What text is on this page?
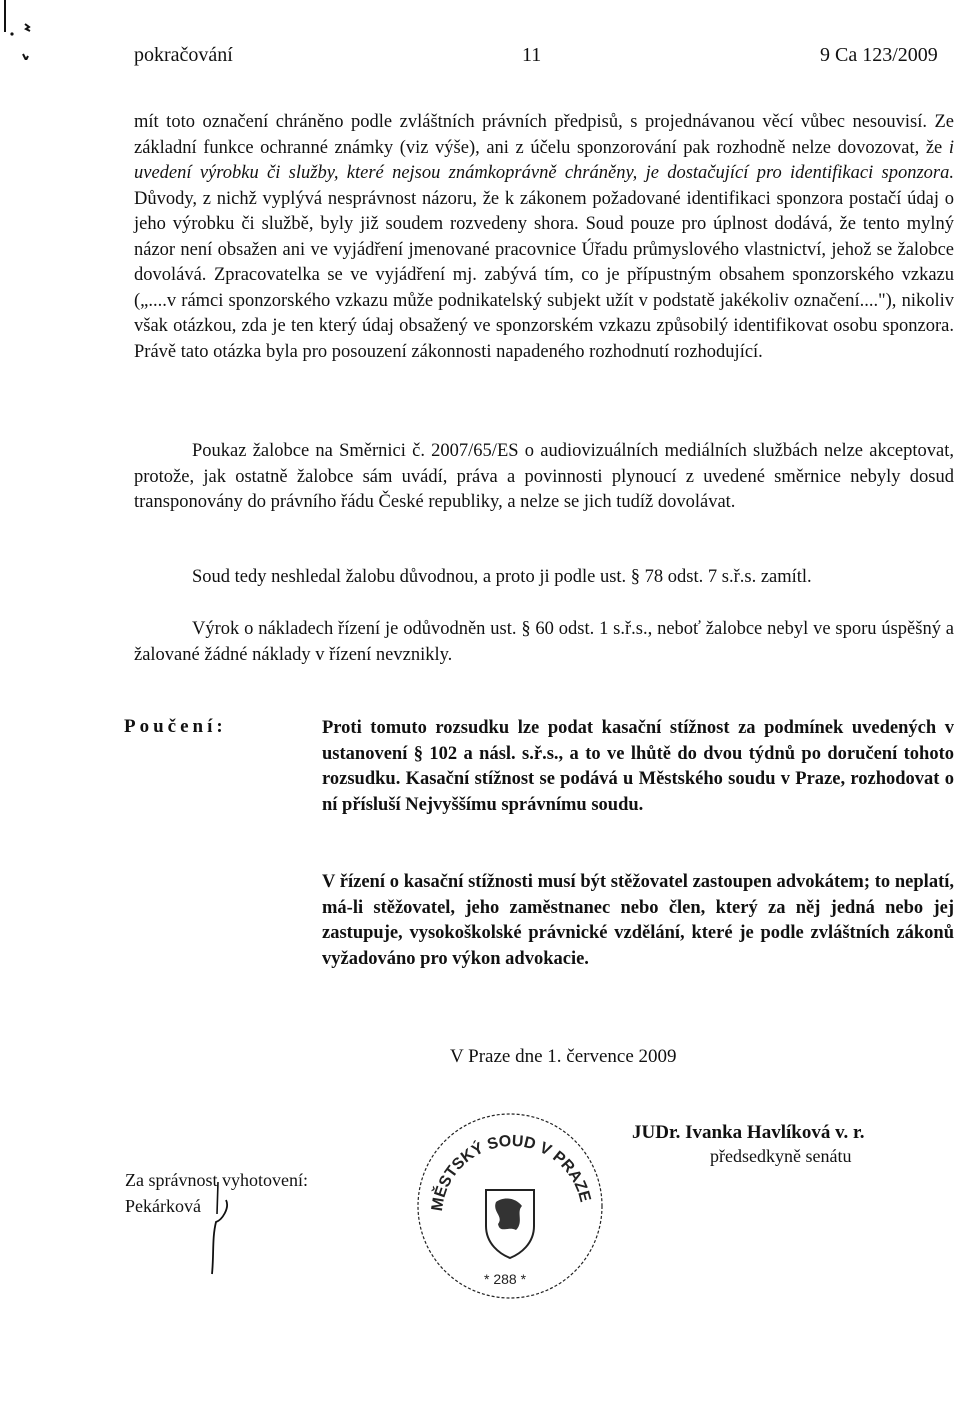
pokračování	11	9 Ca 123/2009

mít toto označení chráněno podle zvláštních právních předpisů, s projednávanou věcí vůbec nesouvisí. Ze základní funkce ochranné známky (viz výše), ani z účelu sponzorování pak rozhodně nelze dovozovat, že i uvedení výrobku či služby, které nejsou známkoprávně chráněny, je dostačující pro identifikaci sponzora. Důvody, z nichž vyplývá nesprávnost názoru, že k zákonem požadované identifikaci sponzora postačí údaj o jeho výrobku či službě, byly již soudem rozvedeny shora. Soud pouze pro úplnost dodává, že tento mylný názor není obsažen ani ve vyjádření jmenované pracovnice Úřadu průmyslového vlastnictví, jehož se žalobce dovolává. Zpracovatelka se ve vyjádření mj. zabývá tím, co je přípustným obsahem sponzorského vzkazu („....v rámci sponzorského vzkazu může podnikatelský subjekt užít v podstatě jakékoliv označení...."), nikoliv však otázkou, zda je ten který údaj obsažený ve sponzorském vzkazu způsobilý identifikovat osobu sponzora. Právě tato otázka byla pro posouzení zákonnosti napadeného rozhodnutí rozhodující.

Poukaz žalobce na Směrnici č. 2007/65/ES o audiovizuálních mediálních službách nelze akceptovat, protože, jak ostatně žalobce sám uvádí, práva a povinnosti plynoucí z uvedené směrnice nebyly dosud transponovány do právního řádu České republiky, a nelze se jich tudíž dovolávat.

Soud tedy neshledal žalobu důvodnou, a proto ji podle ust. § 78 odst. 7 s.ř.s. zamítl.

Výrok o nákladech řízení je odůvodněn ust. § 60 odst. 1 s.ř.s., neboť žalobce nebyl ve sporu úspěšný a žalované žádné náklady v řízení nevznikly.

Poučení:	Proti tomuto rozsudku lze podat kasační stížnost za podmínek uvedených v ustanovení § 102 a násl. s.ř.s., a to ve lhůtě do dvou týdnů po doručení tohoto rozsudku. Kasační stížnost se podává u Městského soudu v Praze, rozhodovat o ní přísluší Nejvyššímu správnímu soudu.
V řízení o kasační stížnosti musí být stěžovatel zastoupen advokátem; to neplatí, má-li stěžovatel, jeho zaměstnanec nebo člen, který za něj jedná nebo jej zastupuje, vysokoškolské právnické vzdělání, které je podle zvláštních zákonů vyžadováno pro výkon advokacie.
V Praze dne 1. července 2009
JUDr. Ivanka Havlíková v. r.
předsedkyně senátu
Za správnost vyhotovení:
Pekárková	MĚSTSKÝ SOUD V PRAZE
* 288 *
